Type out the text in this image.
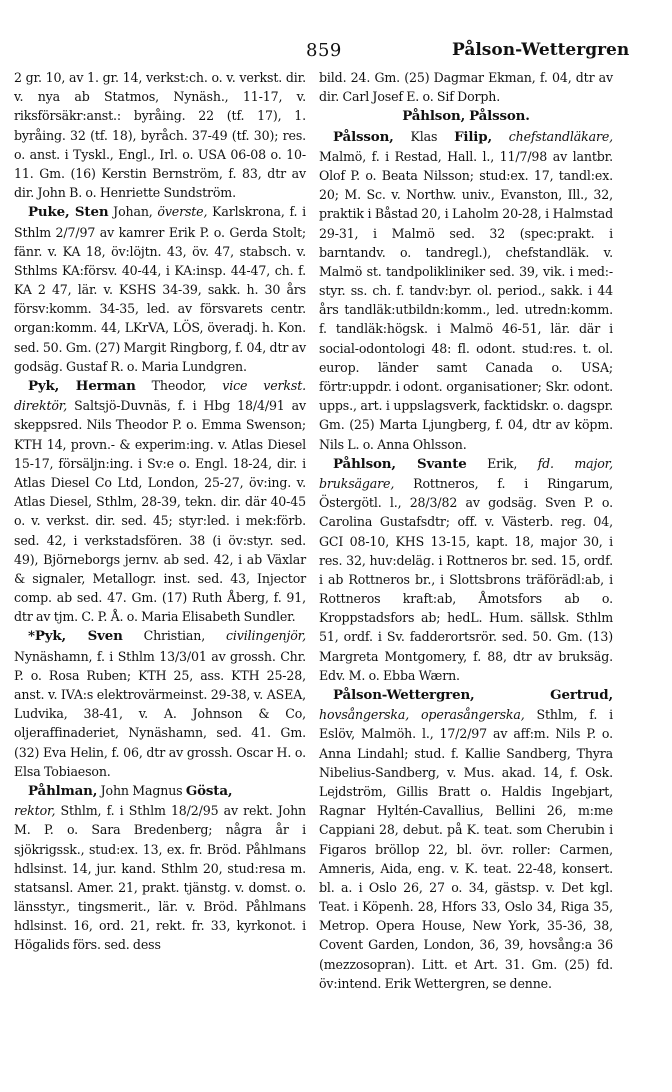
859	Pålson-Wettergren

2 gr. 10, av 1. gr. 14, verkst:ch. o. v. verkst. dir. v. nya ab Statmos, Nynäsh., 11-17, v. riksförsäkr:anst.: byråing. 22 (tf. 17), 1. byråing. 32 (tf. 18), byråch. 37-49 (tf. 30); res. o. anst. i Tyskl., Engl., Irl. o. USA 06-08 o. 10-11. Gm. (16) Kerstin Bernström, f. 83, dtr av dir. John B. o. Henriette Sundström.

Puke, Sten Johan, överste, Karlskrona, f. i Sthlm 2/7/97 av kamrer Erik P. o. Gerda Stolt; fänr. v. KA 18, öv:löjtn. 43, öv. 47, stabsch. v. Sthlms KA:försv. 40-44, i KA:insp. 44-47, ch. f. KA 2 47, lär. v. KSHS 34-39, sakk. h. 30 års försv:komm. 34-35, led. av försvarets centr. organ:komm. 44, LKrVA, LÖS, överadj. h. Kon. sed. 50. Gm. (27) Margit Ringborg, f. 04, dtr av godsäg. Gustaf R. o. Maria Lundgren.

Pyk, Herman Theodor, vice verkst. direktör, Saltsjö-Duvnäs, f. i Hbg 18/4/91 av skeppsred. Nils Theodor P. o. Emma Swenson; KTH 14, provn.- & experim:ing. v. Atlas Diesel 15-17, försäljn:ing. i Sv:e o. Engl. 18-24, dir. i Atlas Diesel Co Ltd, London, 25-27, öv:ing. v. Atlas Diesel, Sthlm, 28-39, tekn. dir. där 40-45 o. v. verkst. dir. sed. 45; styr:led. i mek:förb. sed. 42, i verkstadsfören. 38 (i öv:styr. sed. 49), Björneborgs jernv. ab sed. 42, i ab Växlar & signaler, Metallogr. inst. sed. 43, Injector comp. ab sed. 47. Gm. (17) Ruth Åberg, f. 91, dtr av tjm. C. P. Å. o. Maria Elisabeth Sundler.

*Pyk, Sven Christian, civilingenjör, Nynäshamn, f. i Sthlm 13/3/01 av grossh. Chr. P. o. Rosa Ruben; KTH 25, ass. KTH 25-28, anst. v. IVA:s elektrovärmeinst. 29-38, v. ASEA, Ludvika, 38-41, v. A. Johnson & Co, oljeraffinaderiet, Nynäshamn, sed. 41. Gm. (32) Eva Helin, f. 06, dtr av grossh. Oscar H. o. Elsa Tobiaeson.

Påhlman, John Magnus Gösta,
rektor, Sthlm, f. i Sthlm 18/2/95 av rekt. John M. P. o. Sara Bredenberg; några år i sjökrigssk., stud:ex. 13, ex. fr. Bröd. Påhlmans hdlsinst. 14, jur. kand. Sthlm 20, stud:resa m. statsansl. Amer. 21, prakt. tjänstg. v. domst. o. länsstyr., tingsmerit., lär. v. Bröd. Påhlmans hdlsinst. 16, ord. 21, rekt. fr. 33, kyrkonot. i Högalids förs. sed. dess

bild. 24. Gm. (25) Dagmar Ekman, f. 04, dtr av dir. Carl Josef E. o. Sif Dorph.

Påhlson, Pålsson.

Pålsson, Klas Filip, chefstandläkare, Malmö, f. i Restad, Hall. l., 11/7/98 av lantbr. Olof P. o. Beata Nilsson; stud:ex. 17, tandl:ex. 20; M. Sc. v. Northw. univ., Evanston, Ill., 32, praktik i Båstad 20, i Laholm 20-28, i Halmstad 29-31, i Malmö sed. 32 (spec:prakt. i barntandv. o. tandregl.), chefstandläk. v. Malmö st. tandpolikliniker sed. 39, vik. i med:-styr. ss. ch. f. tandv:byr. ol. period., sakk. i 44 års tandläk:utbildn:komm., led. utredn:komm. f. tandläk:högsk. i Malmö 46-51, lär. där i social-odontologi 48: fl. odont. stud:res. t. ol. europ. länder samt Canada o. USA; förtr:uppdr. i odont. organisationer; Skr. odont. upps., art. i uppslagsverk, facktidskr. o. dagspr. Gm. (25) Marta Ljungberg, f. 04, dtr av köpm. Nils L. o. Anna Ohlsson.

Påhlson, Svante Erik, fd. major, bruksägare, Rottneros, f. i Ringarum, Östergötl. l., 28/3/82 av godsäg. Sven P. o. Carolina Gustafsdtr; off. v. Västerb. reg. 04, GCI 08-10, KHS 13-15, kapt. 18, major 30, i res. 32, huv:deläg. i Rottneros br. sed. 15, ordf. i ab Rottneros br., i Slottsbrons träförädl:ab, i Rottneros kraft:ab, Åmotsfors ab o. Kroppstadsfors ab; hedL. Hum. sällsk. Sthlm 51, ordf. i Sv. fadderortsrör. sed. 50. Gm. (13) Margreta Montgomery, f. 88, dtr av bruksäg. Edv. M. o. Ebba Wærn.

Pålson-Wettergren, Gertrud, hovsångerska, operasångerska, Sthlm, f. i Eslöv, Malmöh. l., 17/2/97 av aff:m. Nils P. o. Anna Lindahl; stud. f. Kallie Sandberg, Thyra Nibelius-Sandberg, v. Mus. akad. 14, f. Osk. Lejdström, Gillis Bratt o. Haldis Ingebjart, Ragnar Hyltén-Cavallius, Bellini 26, m:me Cappiani 28, debut. på K. teat. som Cherubin i Figaros bröllop 22, bl. övr. roller: Carmen, Amneris, Aida, eng. v. K. teat. 22-48, konsert. bl. a. i Oslo 26, 27 o. 34, gästsp. v. Det kgl. Teat. i Köpenh. 28, Hfors 33, Oslo 34, Riga 35, Metrop. Opera House, New York, 35-36, 38, Covent Garden, London, 36, 39, hovsång:a 36 (mezzosopran). Litt. et Art. 31. Gm. (25) fd. öv:intend. Erik Wettergren, se denne.
